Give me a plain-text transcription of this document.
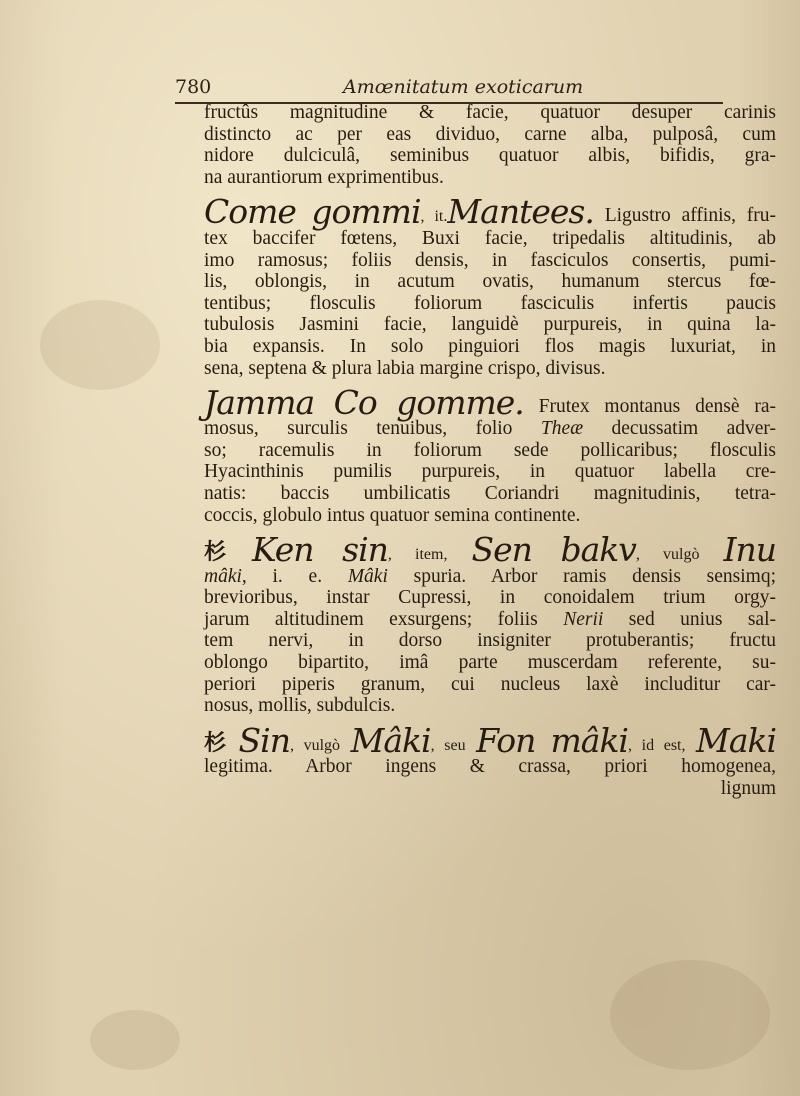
780	Amœnitatum exoticarum
fructûs magnitudine & facie, quatuor desuper carinis
distincto ac per eas dividuo, carne alba, pulposâ, cum
nidore dulciculâ, seminibus quatuor albis, bifidis, gra-
na aurantiorum exprimentibus.
Come gommi, it.Mantees. Ligustro affinis, fru-
tex baccifer fœtens, Buxi facie, tripedalis altitudinis, ab
imo ramosus; foliis densis, in fasciculos consertis, pumi-
lis, oblongis, in acutum ovatis, humanum stercus fœ-
tentibus; flosculis foliorum fasciculis infertis paucis
tubulosis Jasmini facie, languidè purpureis, in quina la-
bia expansis. In solo pinguiori flos magis luxuriat, in
sena, septena & plura labia margine crispo, divisus.
Jamma Co gomme. Frutex montanus densè ra-
mosus, surculis tenuibus, folio Theæ decussatim adver-
so; racemulis in foliorum sede pollicaribus; flosculis
Hyacinthinis pumilis purpureis, in quatuor labella cre-
natis: baccis umbilicatis Coriandri magnitudinis, tetra-
coccis, globulo intus quatuor semina continente.
杉 Ken sin, item, Sen bakv, vulgò Inu
mâki, i. e. Mâki spuria. Arbor ramis densis sensimq;
brevioribus, instar Cupressi, in conoidalem trium orgy-
jarum altitudinem exsurgens; foliis Nerii sed unius sal-
tem nervi, in dorso insigniter protuberantis; fructu
oblongo bipartito, imâ parte muscerdam referente, su-
periori piperis granum, cui nucleus laxè includitur car-
nosus, mollis, subdulcis.
杉 Sin, vulgò Mâki, seu Fon mâki, id est, Maki
legitima. Arbor ingens & crassa, priori homogenea,
lignum
